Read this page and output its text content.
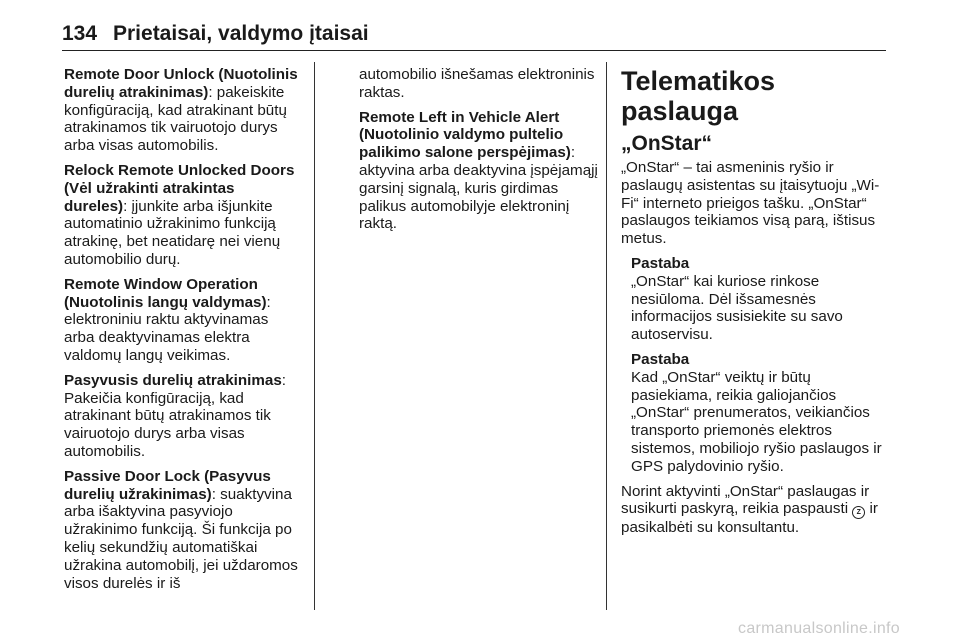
134 Prietaisai, valdymo įtaisai

Remote Door Unlock (Nuotolinis durelių atrakinimas): pakeiskite konfigūraciją, kad atrakinant būtų atrakinamos tik vairuotojo durys arba visas automobilis.

Relock Remote Unlocked Doors (Vėl užrakinti atrakintas dureles): įjunkite arba išjunkite automatinio užrakinimo funkciją atrakinę, bet neatidarę nei vienų automobilio durų.

Remote Window Operation (Nuotolinis langų valdymas): elektroniniu raktu aktyvinamas arba deaktyvinamas elektra valdomų langų veikimas.

Pasyvusis durelių atrakinimas: Pakeičia konfigūraciją, kad atrakinant būtų atrakinamos tik vairuotojo durys arba visas automobilis.

Passive Door Lock (Pasyvus durelių užrakinimas): suaktyvina arba išaktyvina pasyviojo užrakinimo funkciją. Ši funkcija po kelių sekundžių automatiškai užrakina automobilį, jei uždaromos visos durelės ir iš

automobilio išnešamas elektroninis raktas.

Remote Left in Vehicle Alert (Nuotolinio valdymo pultelio palikimo salone perspėjimas): aktyvina arba deaktyvina įspėjamąjį garsinį signalą, kuris girdimas palikus automobilyje elektroninį raktą.

Telematikos paslauga
„OnStar“

„OnStar“ – tai asmeninis ryšio ir paslaugų asistentas su įtaisytuoju „Wi-Fi“ interneto prieigos tašku. „OnStar“ paslaugos teikiamos visą parą, ištisus metus.

Pastaba
„OnStar“ kai kuriose rinkose nesiūloma. Dėl išsamesnės informacijos susisiekite su savo autoservisu.
Pastaba
Kad „OnStar“ veiktų ir būtų pasiekiama, reikia galiojančios „OnStar“ prenumeratos, veikiančios transporto priemonės elektros sistemos, mobiliojo ryšio paslaugos ir GPS palydovinio ryšio.

Norint aktyvinti „OnStar“ paslaugas ir susikurti paskyrą, reikia paspausti Z ir pasikalbėti su konsultantu.

carmanualsonline.info
